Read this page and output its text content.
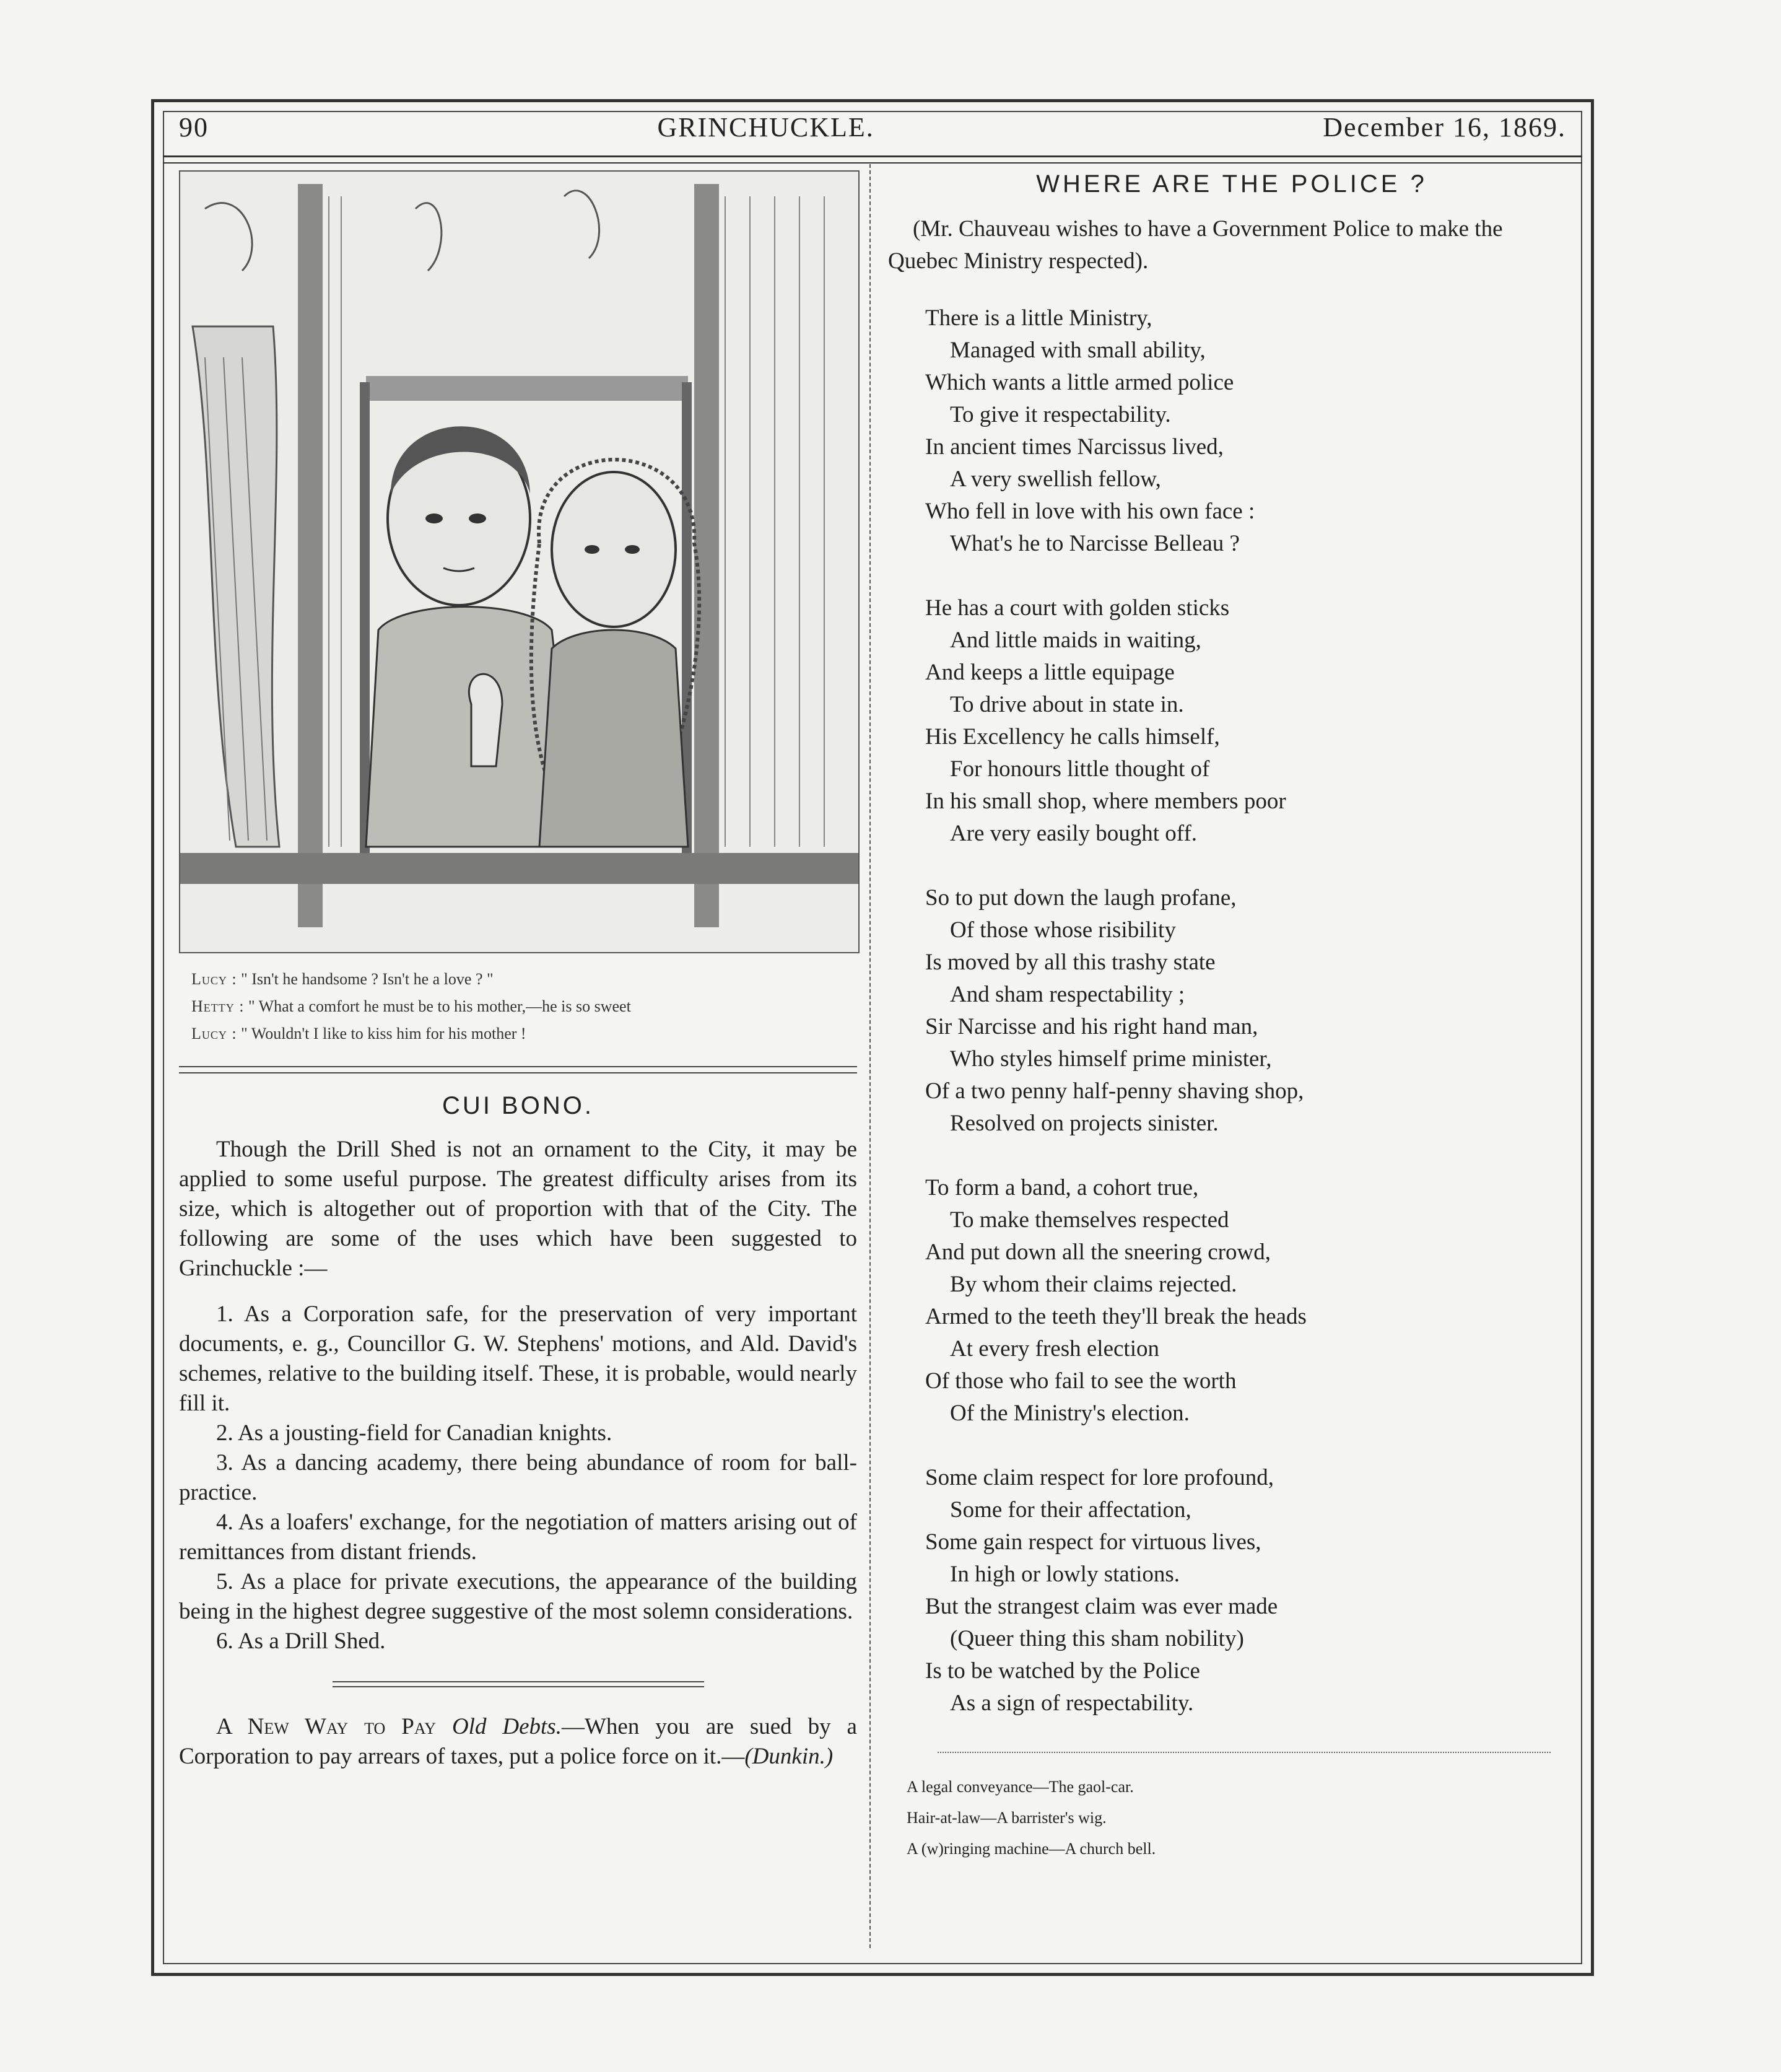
90	GRINCHUCKLE.	December 16, 1869.
Lucy : " Isn't he handsome ? Isn't he a love ? "
Hetty : " What a comfort he must be to his mother,—he is so sweet
Lucy : " Wouldn't I like to kiss him for his mother !
CUI BONO.

Though the Drill Shed is not an ornament to the City, it may be applied to some useful purpose. The greatest difficulty arises from its size, which is altogether out of proportion with that of the City. The following are some of the uses which have been suggested to Grinchuckle :—

1. As a Corporation safe, for the preservation of very important documents, e. g., Councillor G. W. Stephens' motions, and Ald. David's schemes, relative to the building itself. These, it is probable, would nearly fill it.

2. As a jousting-field for Canadian knights.

3. As a dancing academy, there being abundance of room for ball-practice.

4. As a loafers' exchange, for the negotiation of matters arising out of remittances from distant friends.

5. As a place for private executions, the appearance of the building being in the highest degree suggestive of the most solemn considerations.

6. As a Drill Shed.

A New Way to Pay Old Debts.—When you are sued by a Corporation to pay arrears of taxes, put a police force on it.—(Dunkin.)

WHERE ARE THE POLICE ?

(Mr. Chauveau wishes to have a Government Police to make the Quebec Ministry respected).

There is a little Ministry,
Managed with small ability,
Which wants a little armed police
To give it respectability.
In ancient times Narcissus lived,
A very swellish fellow,
Who fell in love with his own face :
What's he to Narcisse Belleau ?
He has a court with golden sticks
And little maids in waiting,
And keeps a little equipage
To drive about in state in.
His Excellency he calls himself,
For honours little thought of
In his small shop, where members poor
Are very easily bought off.
So to put down the laugh profane,
Of those whose risibility
Is moved by all this trashy state
And sham respectability ;
Sir Narcisse and his right hand man,
Who styles himself prime minister,
Of a two penny half-penny shaving shop,
Resolved on projects sinister.
To form a band, a cohort true,
To make themselves respected
And put down all the sneering crowd,
By whom their claims rejected.
Armed to the teeth they'll break the heads
At every fresh election
Of those who fail to see the worth
Of the Ministry's election.
Some claim respect for lore profound,
Some for their affectation,
Some gain respect for virtuous lives,
In high or lowly stations.
But the strangest claim was ever made
(Queer thing this sham nobility)
Is to be watched by the Police
As a sign of respectability.
A legal conveyance—The gaol-car.
Hair-at-law—A barrister's wig.
A (w)ringing machine—A church bell.
